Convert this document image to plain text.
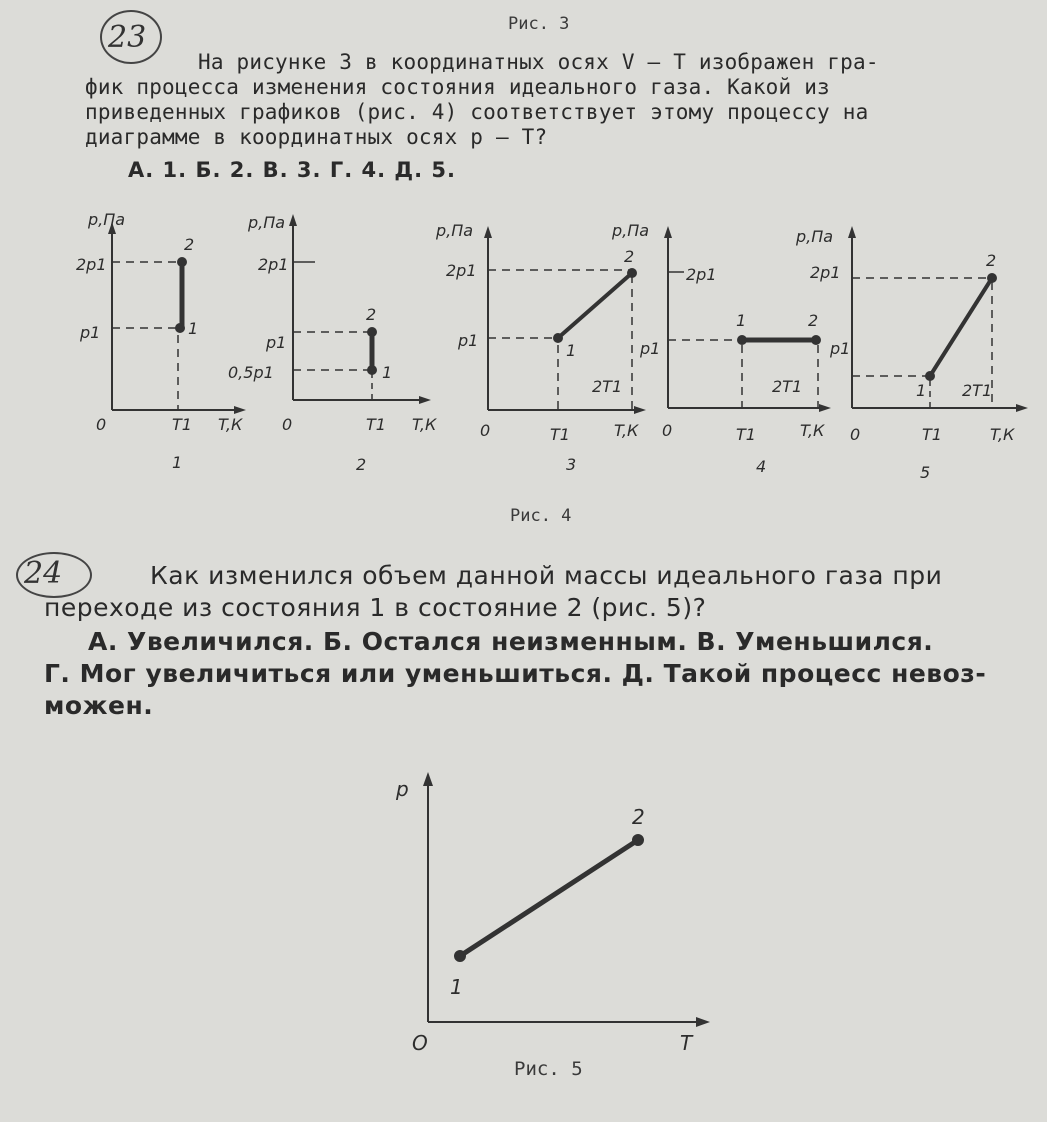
Рис. 3
23
На рисунке 3 в координатных осях V — T изображен гра-
фик процесса изменения состояния идеального газа. Какой из
приведенных графиков (рис. 4) соответствует этому процессу на
диаграмме в координатных осях p — T?
А. 1. Б. 2. В. 3. Г. 4. Д. 5.
p,Па
2p1
p1
2
1
0	T1 T,К
1
p,Па
2p1
p1
0,5p1
2
1
0	T1 T,К
2
p,Па
2p1
p1
2
1
2T1
0	T1	T,К
3
p,Па
2p1
p1
1	2
2T1
0	T1	T,К
4
p,Па
2p1
p1
2
1 2T1
0	T1	T,К
5
Рис. 4
24	Как изменился объем данной массы идеального газа при
переходе из состояния 1 в состояние 2 (рис. 5)?
А. Увеличился. Б. Остался неизменным. В. Уменьшился.
Г. Мог увеличиться или уменьшиться. Д. Такой процесс невоз-
можен.
p
T
O
1
2
Рис. 5
